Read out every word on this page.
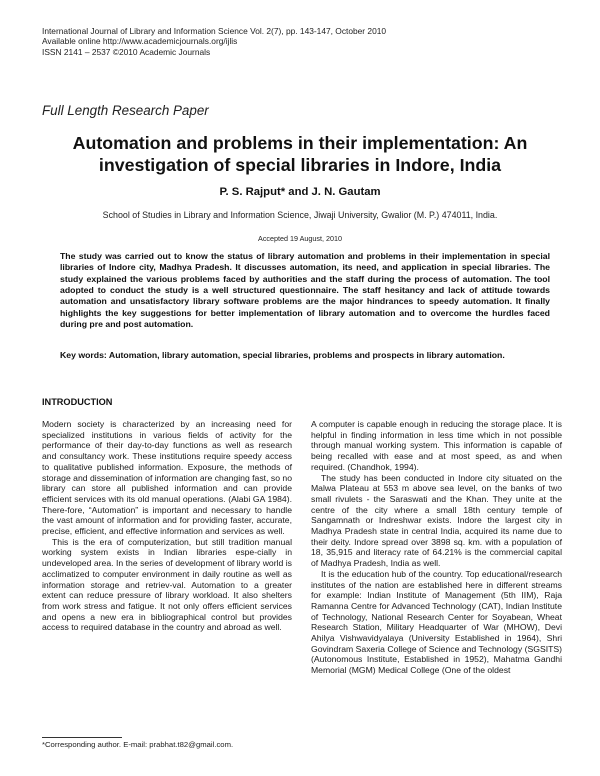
International Journal of Library and Information Science Vol. 2(7), pp. 143-147, October 2010
Available online http://www.academicjournals.org/ijlis
ISSN 2141 – 2537 ©2010 Academic Journals
Full Length Research Paper
Automation and problems in their implementation: An investigation of special libraries in Indore, India
P. S. Rajput* and J. N. Gautam
School of Studies in Library and Information Science, Jiwaji University, Gwalior (M. P.) 474011, India.
Accepted 19 August, 2010
The study was carried out to know the status of library automation and problems in their implementation in special libraries of Indore city, Madhya Pradesh. It discusses automation, its need, and application in special libraries. The study explained the various problems faced by authorities and the staff during the process of automation. The tool adopted to conduct the study is a well structured questionnaire. The staff hesitancy and lack of attitude towards automation and unsatisfactory library software problems are the major hindrances to speedy automation. It finally highlights the key suggestions for better implementation of library automation and to overcome the hurdles faced during pre and post automation.
Key words: Automation, library automation, special libraries, problems and prospects in library automation.
INTRODUCTION

Modern society is characterized by an increasing need for specialized institutions in various fields of activity for the performance of their day-to-day functions as well as research and consultancy work. These institutions require speedy access to qualitative published information. Exposure, the methods of storage and dissemination of information are changing fast, so no library can store all published information and can provide efficient services with its old manual operations. (Alabi GA 1984). There-fore, “Automation” is important and necessary to handle the vast amount of information and for providing faster, accurate, precise, efficient, and effective information and services as well.

This is the era of computerization, but still tradition manual working system exists in Indian libraries espe-cially in undeveloped area. In the series of development of library world is acclimatized to computer environment in daily routine as well as information storage and retriev-val. Automation to a greater extent can reduce pressure of library workload. It also shelters from work stress and fatigue. It not only offers efficient services and opens a new era in bibliographical control but provides access to required database in the country and abroad as well.

A computer is capable enough in reducing the storage place. It is helpful in finding information in less time which in not possible through manual working system. This information is capable of being recalled with ease and at most speed, as and when required. (Chandhok, 1994).

The study has been conducted in Indore city situated on the Malwa Plateau at 553 m above sea level, on the banks of two small rivulets - the Saraswati and the Khan. They unite at the centre of the city where a small 18th century temple of Sangamnath or Indreshwar exists. Indore the largest city in Madhya Pradesh state in central India, acquired its name due to their deity. Indore spread over 3898 sq. km. with a population of 18, 35,915 and literacy rate of 64.21% is the commercial capital of Madhya Pradesh, India as well.

It is the education hub of the country. Top educational/research institutes of the nation are established here in different streams for example: Indian Institute of Management (5th IIM), Raja Ramanna Centre for Advanced Technology (CAT), Indian Institute of Technology, National Research Center for Soyabean, Wheat Research Station, Military Headquarter of War (MHOW), Devi Ahilya Vishwavidyalaya (University Established in 1964), Shri Govindram Saxeria College of Science and Technology (SGSITS) (Autonomous Institute, Established in 1952), Mahatma Gandhi Memorial (MGM) Medical College (One of the oldest

*Corresponding author. E-mail: prabhat.t82@gmail.com.
